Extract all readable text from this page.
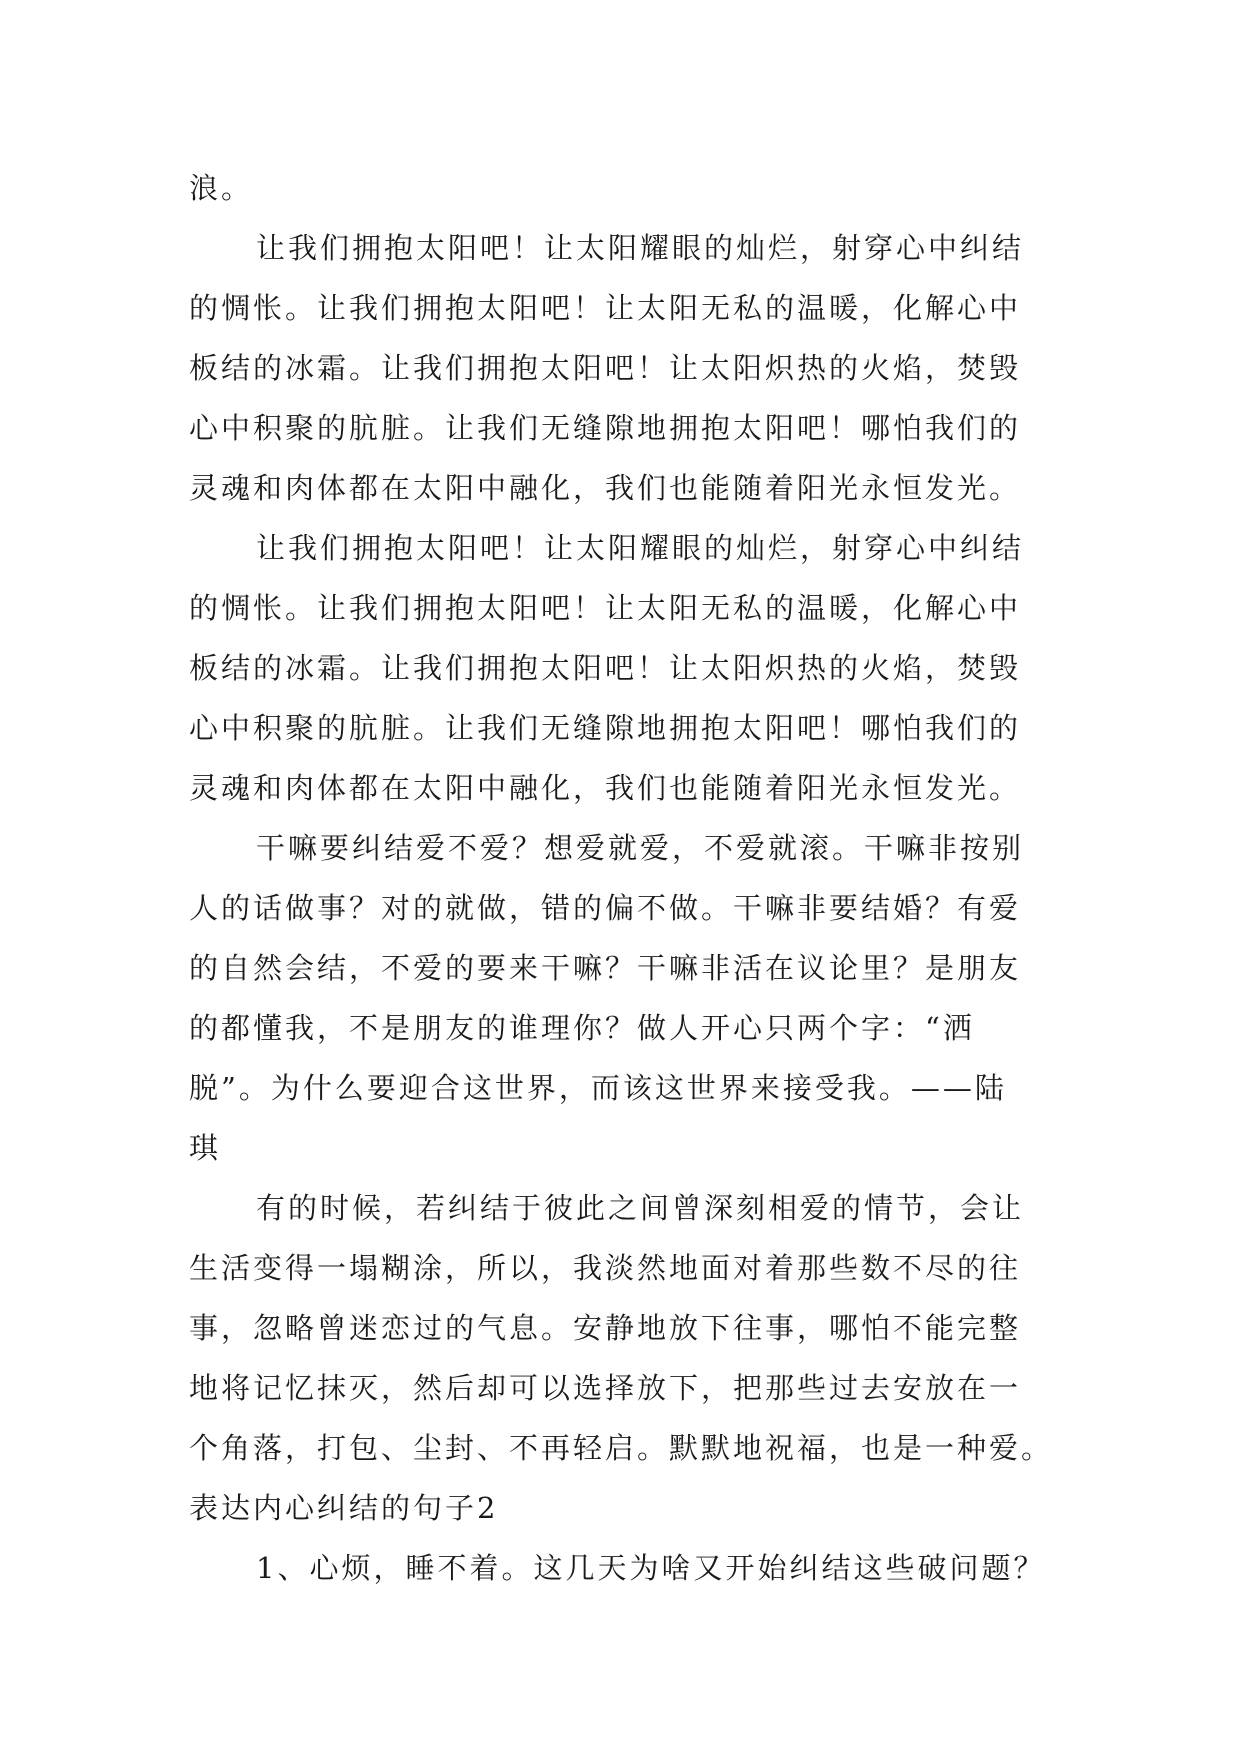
浪。
让我们拥抱太阳吧！让太阳耀眼的灿烂，射穿心中纠结
的惆怅。让我们拥抱太阳吧！让太阳无私的温暖，化解心中
板结的冰霜。让我们拥抱太阳吧！让太阳炽热的火焰，焚毁
心中积聚的肮脏。让我们无缝隙地拥抱太阳吧！哪怕我们的
灵魂和肉体都在太阳中融化，我们也能随着阳光永恒发光。
让我们拥抱太阳吧！让太阳耀眼的灿烂，射穿心中纠结
的惆怅。让我们拥抱太阳吧！让太阳无私的温暖，化解心中
板结的冰霜。让我们拥抱太阳吧！让太阳炽热的火焰，焚毁
心中积聚的肮脏。让我们无缝隙地拥抱太阳吧！哪怕我们的
灵魂和肉体都在太阳中融化，我们也能随着阳光永恒发光。
干嘛要纠结爱不爱？想爱就爱，不爱就滚。干嘛非按别
人的话做事？对的就做，错的偏不做。干嘛非要结婚？有爱
的自然会结，不爱的要来干嘛？干嘛非活在议论里？是朋友
的都懂我，不是朋友的谁理你？做人开心只两个字：“洒
脱”。为什么要迎合这世界，而该这世界来接受我。——陆
琪
有的时候，若纠结于彼此之间曾深刻相爱的情节，会让
生活变得一塌糊涂，所以，我淡然地面对着那些数不尽的往
事，忽略曾迷恋过的气息。安静地放下往事，哪怕不能完整
地将记忆抹灭，然后却可以选择放下，把那些过去安放在一
个角落，打包、尘封、不再轻启。默默地祝福，也是一种爱。
表达内心纠结的句子2
1、心烦，睡不着。这几天为啥又开始纠结这些破问题？
